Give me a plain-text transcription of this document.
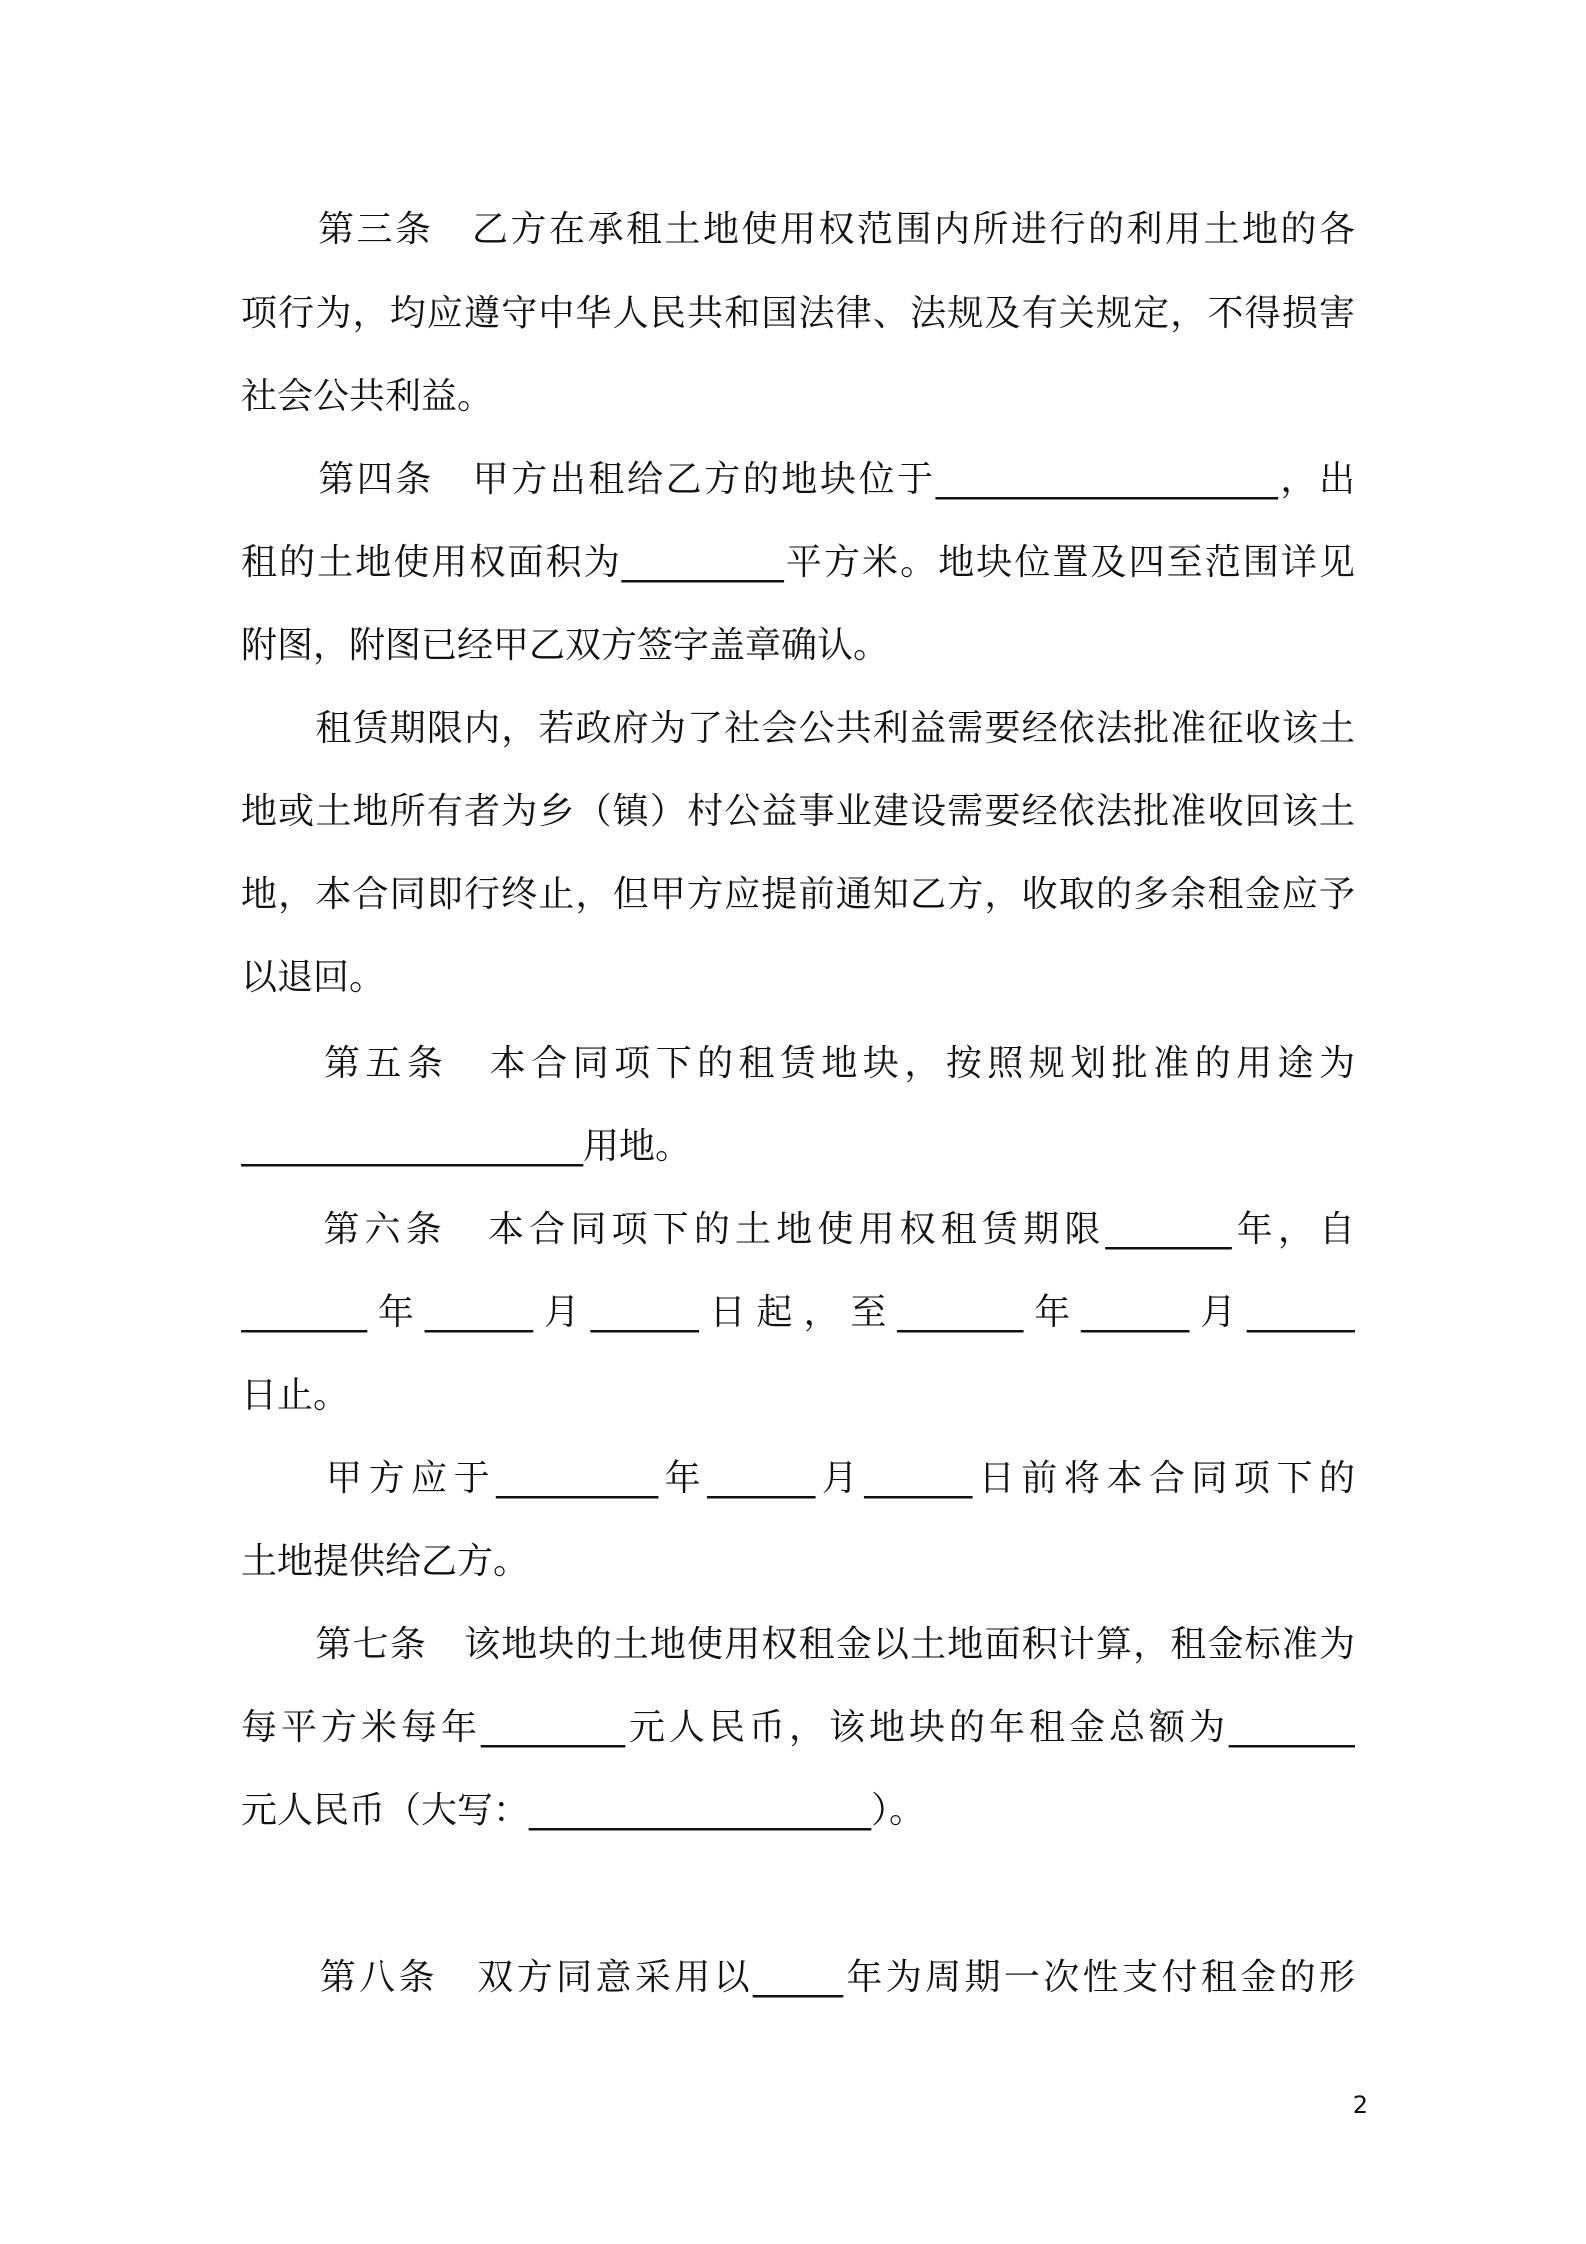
　　第三条　乙方在承租土地使用权范围内所进行的利用土地的各
项行为，均应遵守中华人民共和国法律、法规及有关规定，不得损害
社会公共利益。
　　第四条　甲方出租给乙方的地块位于___________________，出
租的土地使用权面积为_________平方米。地块位置及四至范围详见
附图，附图已经甲乙双方签字盖章确认。
　　租赁期限内，若政府为了社会公共利益需要经依法批准征收该土
地或土地所有者为乡（镇）村公益事业建设需要经依法批准收回该土
地，本合同即行终止，但甲方应提前通知乙方，收取的多余租金应予
以退回。
　　第五条　本合同项下的租赁地块，按照规划批准的用途为
___________________用地。
　　第六条　本合同项下的土地使用权租赁期限_______年，自
_______年______月______日起，至_______年______月______
日止。
　　甲方应于_________年______月______日前将本合同项下的
土地提供给乙方。
　　第七条　该地块的土地使用权租金以土地面积计算，租金标准为
每平方米每年________元人民币，该地块的年租金总额为_______
元人民币（大写：___________________）。
　　第八条　双方同意采用以_____年为周期一次性支付租金的形
2
